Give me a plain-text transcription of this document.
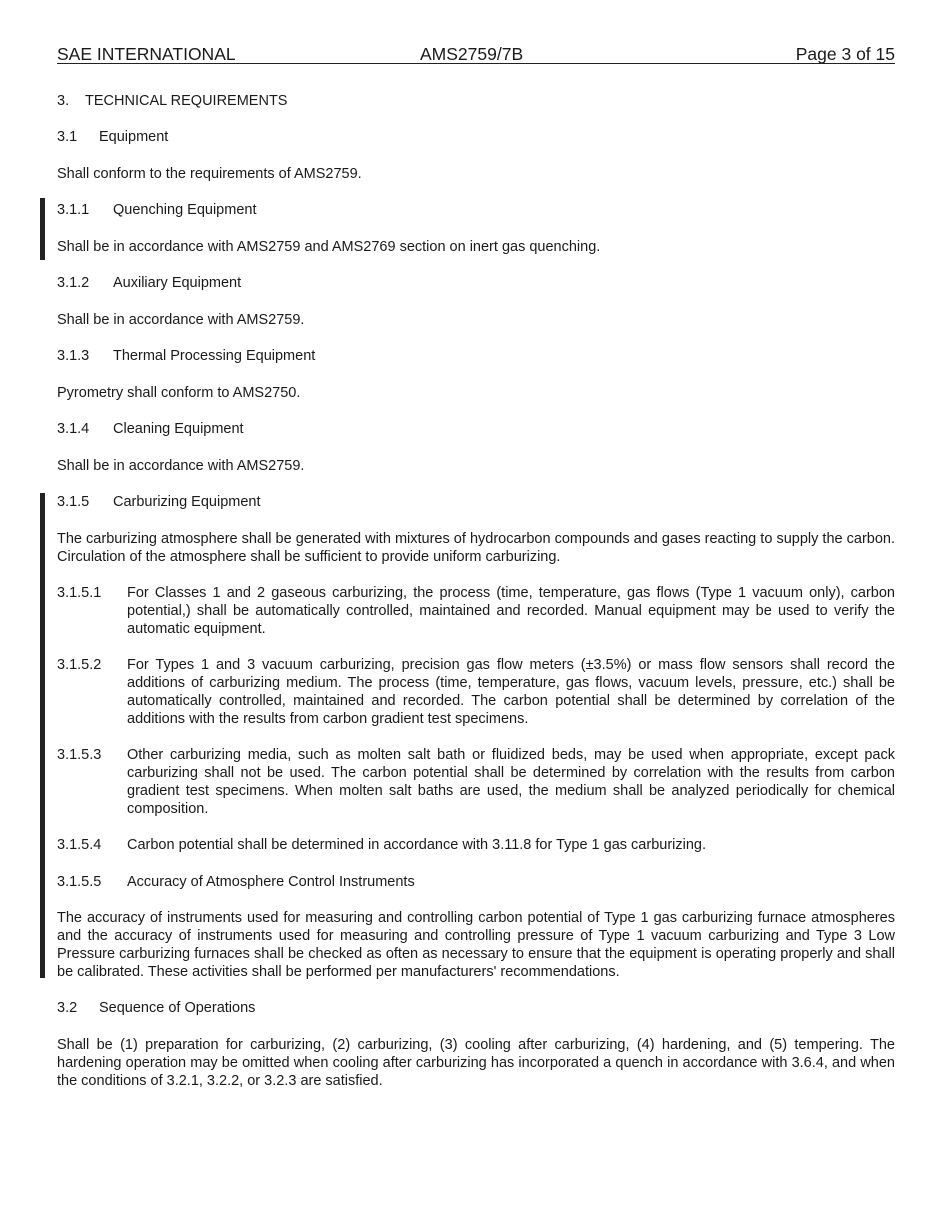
SAE INTERNATIONAL	AMS2759/7B	Page 3 of 15
3. TECHNICAL REQUIREMENTS
3.1 Equipment
Shall conform to the requirements of AMS2759.
3.1.1 Quenching Equipment
Shall be in accordance with AMS2759 and AMS2769 section on inert gas quenching.
3.1.2 Auxiliary Equipment
Shall be in accordance with AMS2759.
3.1.3 Thermal Processing Equipment
Pyrometry shall conform to AMS2750.
3.1.4 Cleaning Equipment
Shall be in accordance with AMS2759.
3.1.5 Carburizing Equipment
The carburizing atmosphere shall be generated with mixtures of hydrocarbon compounds and gases reacting to supply the carbon. Circulation of the atmosphere shall be sufficient to provide uniform carburizing.
3.1.5.1 For Classes 1 and 2 gaseous carburizing, the process (time, temperature, gas flows (Type 1 vacuum only), carbon potential,) shall be automatically controlled, maintained and recorded. Manual equipment may be used to verify the automatic equipment.
3.1.5.2 For Types 1 and 3 vacuum carburizing, precision gas flow meters (±3.5%) or mass flow sensors shall record the additions of carburizing medium. The process (time, temperature, gas flows, vacuum levels, pressure, etc.) shall be automatically controlled, maintained and recorded. The carbon potential shall be determined by correlation of the additions with the results from carbon gradient test specimens.
3.1.5.3 Other carburizing media, such as molten salt bath or fluidized beds, may be used when appropriate, except pack carburizing shall not be used. The carbon potential shall be determined by correlation with the results from carbon gradient test specimens. When molten salt baths are used, the medium shall be analyzed periodically for chemical composition.
3.1.5.4 Carbon potential shall be determined in accordance with 3.11.8 for Type 1 gas carburizing.
3.1.5.5 Accuracy of Atmosphere Control Instruments
The accuracy of instruments used for measuring and controlling carbon potential of Type 1 gas carburizing furnace atmospheres and the accuracy of instruments used for measuring and controlling pressure of Type 1 vacuum carburizing and Type 3 Low Pressure carburizing furnaces shall be checked as often as necessary to ensure that the equipment is operating properly and shall be calibrated. These activities shall be performed per manufacturers' recommendations.
3.2 Sequence of Operations
Shall be (1) preparation for carburizing, (2) carburizing, (3) cooling after carburizing, (4) hardening, and (5) tempering. The hardening operation may be omitted when cooling after carburizing has incorporated a quench in accordance with 3.6.4, and when the conditions of 3.2.1, 3.2.2, or 3.2.3 are satisfied.
